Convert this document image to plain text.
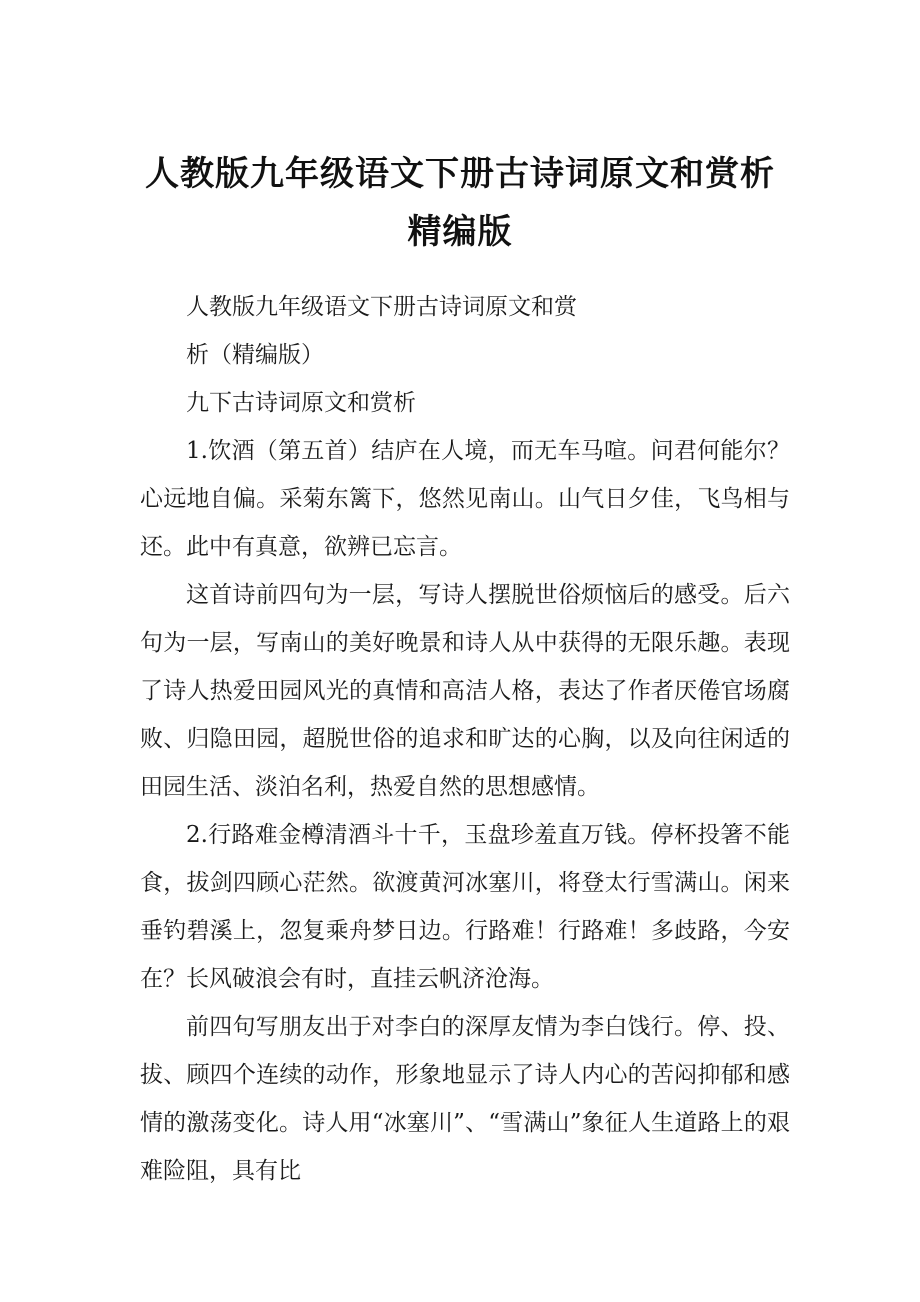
人教版九年级语文下册古诗词原文和赏析
精编版

人教版九年级语文下册古诗词原文和赏

析（精编版）

九下古诗词原文和赏析

1.饮酒（第五首）结庐在人境，而无车马喧。问君何能尔？心远地自偏。采菊东篱下，悠然见南山。山气日夕佳，飞鸟相与还。此中有真意，欲辨已忘言。

这首诗前四句为一层，写诗人摆脱世俗烦恼后的感受。后六句为一层，写南山的美好晚景和诗人从中获得的无限乐趣。表现了诗人热爱田园风光的真情和高洁人格，表达了作者厌倦官场腐败、归隐田园，超脱世俗的追求和旷达的心胸，以及向往闲适的田园生活、淡泊名利，热爱自然的思想感情。

2.行路难金樽清酒斗十千，玉盘珍羞直万钱。停杯投箸不能食，拔剑四顾心茫然。欲渡黄河冰塞川，将登太行雪满山。闲来垂钓碧溪上，忽复乘舟梦日边。行路难！行路难！多歧路，今安在？长风破浪会有时，直挂云帆济沧海。

前四句写朋友出于对李白的深厚友情为李白饯行。停、投、拔、顾四个连续的动作，形象地显示了诗人内心的苦闷抑郁和感情的激荡变化。诗人用“冰塞川”、“雪满山”象征人生道路上的艰难险阻，具有比
